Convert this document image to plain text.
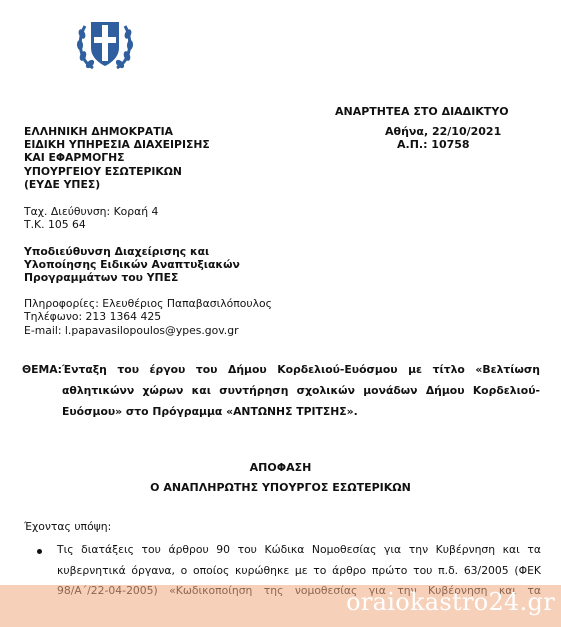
ΑΝΑΡΤΗΤΕΑ ΣΤΟ ΔΙΑΔΙΚΤΥΟ
Αθήνα, 22/10/2021
Α.Π.: 10758
ΕΛΛΗΝΙΚΗ ΔΗΜΟΚΡΑΤΙΑ
ΕΙΔΙΚΗ ΥΠΗΡΕΣΙΑ ΔΙΑΧΕΙΡΙΣΗΣ
ΚΑΙ ΕΦΑΡΜΟΓΗΣ
ΥΠΟΥΡΓΕΙΟΥ ΕΣΩΤΕΡΙΚΩΝ
(ΕΥΔΕ ΥΠΕΣ)
Ταχ. Διεύθυνση: Κοραή 4
Τ.Κ. 105 64
Υποδιεύθυνση Διαχείρισης και
Υλοποίησης Ειδικών Αναπτυξιακών
Προγραμμάτων του ΥΠΕΣ
Πληροφορίες: Ελευθέριος Παπαβασιλόπουλος
Τηλέφωνο: 213 1364 425
E-mail: l.papavasilopoulos@ypes.gov.gr
ΘΕΜΑ: Ένταξη του έργου του Δήμου Κορδελιού-Ευόσμου με τίτλο «Βελτίωση
αθλητικώνν χώρων και συντήρηση σχολικών μονάδων Δήμου Κορδελιού-
Ευόσμου» στο Πρόγραμμα «ΑΝΤΩΝΗΣ ΤΡΙΤΣΗΣ».
ΑΠΟΦΑΣΗ
Ο ΑΝΑΠΛΗΡΩΤΗΣ ΥΠΟΥΡΓΟΣ ΕΣΩΤΕΡΙΚΩΝ
Έχοντας υπόψη:
Τις διατάξεις του άρθρου 90 του Κώδικα Νομοθεσίας για την Κυβέρνηση και τα
κυβερνητικά όργανα, ο οποίος κυρώθηκε με το άρθρο πρώτο του π.δ. 63/2005 (ΦΕΚ
oraiokastro24.gr
